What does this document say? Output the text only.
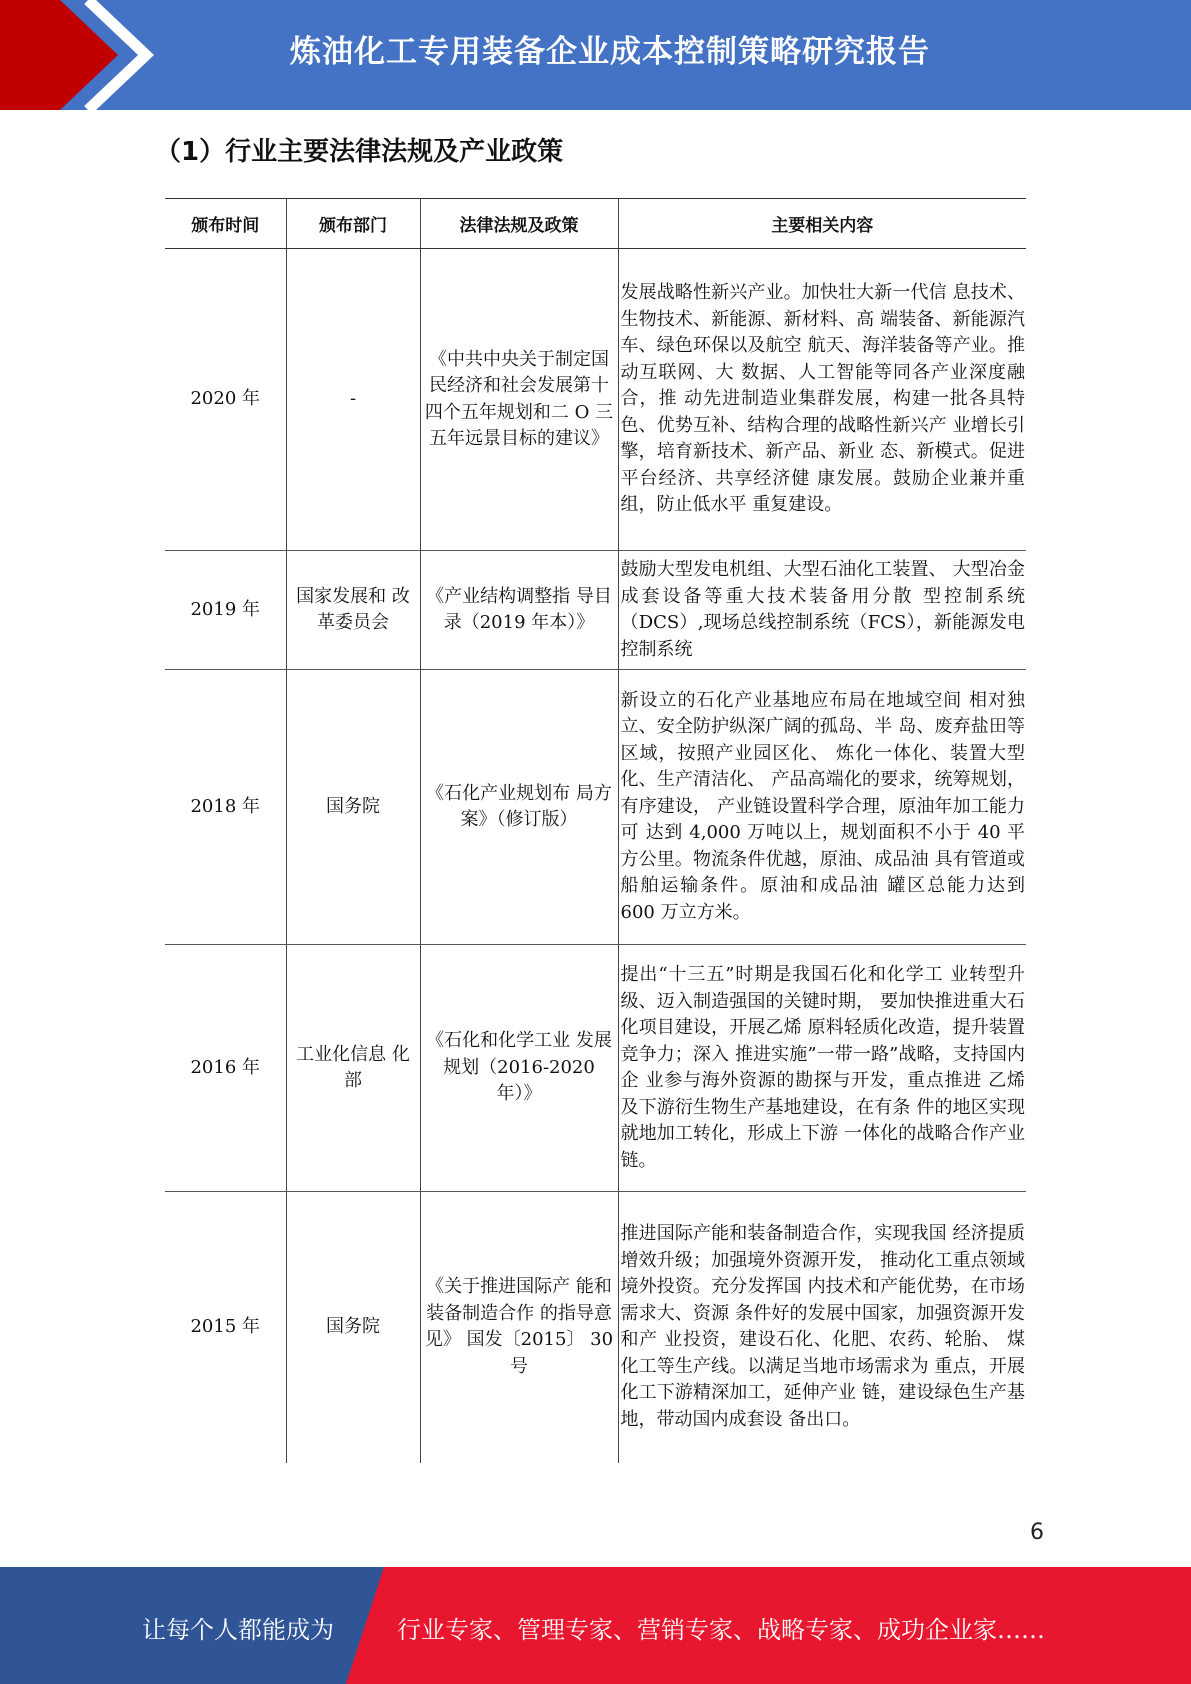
炼油化工专用装备企业成本控制策略研究报告
（1）行业主要法律法规及产业政策
颁布时间	颁布部门	法律法规及政策	主要相关内容
2020 年	-	《中共中央关于制定国民经济和社会发展第十四个五年规划和二 O 三五年远景目标的建议》	发展战略性新兴产业。加快壮大新一代信 息技术、生物技术、新能源、新材料、高 端装备、新能源汽车、绿色环保以及航空 航天、海洋装备等产业。推动互联网、大 数据、人工智能等同各产业深度融合，推 动先进制造业集群发展，构建一批各具特 色、优势互补、结构合理的战略性新兴产 业增长引擎，培育新技术、新产品、新业 态、新模式。促进平台经济、共享经济健 康发展。鼓励企业兼并重组，防止低水平 重复建设。
2019 年	国家发展和 改革委员会	《产业结构调整指 导目录（2019 年本）》	鼓励大型发电机组、大型石油化工装置、 大型冶金成套设备等重大技术装备用分散 型控制系统（DCS）,现场总线控制系统（FCS），新能源发电控制系统
2018 年	国务院	《石化产业规划布 局方案》（修订版）	新设立的石化产业基地应布局在地域空间 相对独立、安全防护纵深广阔的孤岛、半 岛、废弃盐田等区域，按照产业园区化、 炼化一体化、装置大型化、生产清洁化、 产品高端化的要求，统筹规划，有序建设， 产业链设置科学合理，原油年加工能力可 达到 4,000 万吨以上，规划面积不小于 40 平方公里。物流条件优越，原油、成品油 具有管道或船舶运输条件。原油和成品油 罐区总能力达到 600 万立方米。
2016 年	工业化信息 化部	《石化和化学工业 发展规划（2016-2020 年）》	提出“十三五”时期是我国石化和化学工 业转型升级、迈入制造强国的关键时期， 要加快推进重大石化项目建设，开展乙烯 原料轻质化改造，提升装置竞争力；深入 推进实施”一带一路”战略，支持国内企 业参与海外资源的勘探与开发，重点推进 乙烯及下游衍生物生产基地建设，在有条 件的地区实现就地加工转化，形成上下游 一体化的战略合作产业链。
2015 年	国务院	《关于推进国际产 能和装备制造合作 的指导意见》 国发〔2015〕 30 号	推进国际产能和装备制造合作，实现我国 经济提质增效升级；加强境外资源开发， 推动化工重点领域境外投资。充分发挥国 内技术和产能优势，在市场需求大、资源 条件好的发展中国家，加强资源开发和产 业投资，建设石化、化肥、农药、轮胎、 煤化工等生产线。以满足当地市场需求为 重点，开展化工下游精深加工，延伸产业 链，建设绿色生产基地，带动国内成套设 备出口。
6
让每个人都能成为	行业专家、管理专家、营销专家、战略专家、成功企业家……
